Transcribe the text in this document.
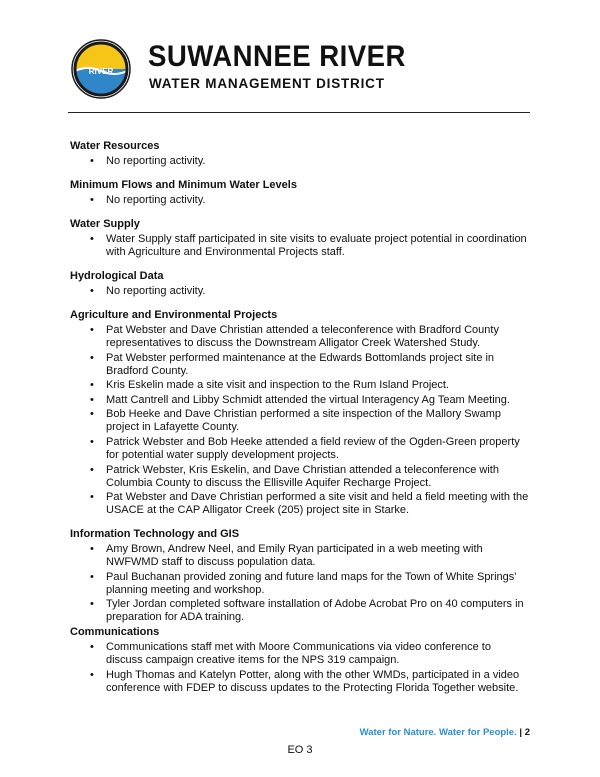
RIVER SUWANNEE RIVER
WATER MANAGEMENT DISTRICT
Water Resources
• No reporting activity.
Minimum Flows and Minimum Water Levels
• No reporting activity.
Water Supply
• Water Supply staff participated in site visits to evaluate project potential in coordination with Agriculture and Environmental Projects staff.
Hydrological Data
• No reporting activity.
Agriculture and Environmental Projects
• Pat Webster and Dave Christian attended a teleconference with Bradford County representatives to discuss the Downstream Alligator Creek Watershed Study.
• Pat Webster performed maintenance at the Edwards Bottomlands project site in Bradford County.
• Kris Eskelin made a site visit and inspection to the Rum Island Project.
• Matt Cantrell and Libby Schmidt attended the virtual Interagency Ag Team Meeting.
• Bob Heeke and Dave Christian performed a site inspection of the Mallory Swamp project in Lafayette County.
• Patrick Webster and Bob Heeke attended a field review of the Ogden-Green property for potential water supply development projects.
• Patrick Webster, Kris Eskelin, and Dave Christian attended a teleconference with Columbia County to discuss the Ellisville Aquifer Recharge Project.
• Pat Webster and Dave Christian performed a site visit and held a field meeting with the USACE at the CAP Alligator Creek (205) project site in Starke.
Information Technology and GIS
• Amy Brown, Andrew Neel, and Emily Ryan participated in a web meeting with NWFWMD staff to discuss population data.
• Paul Buchanan provided zoning and future land maps for the Town of White Springs' planning meeting and workshop.
• Tyler Jordan completed software installation of Adobe Acrobat Pro on 40 computers in preparation for ADA training.
Communications
• Communications staff met with Moore Communications via video conference to discuss campaign creative items for the NPS 319 campaign.
• Hugh Thomas and Katelyn Potter, along with the other WMDs, participated in a video conference with FDEP to discuss updates to the Protecting Florida Together website.
Water for Nature. Water for People. | 2
EO 3
